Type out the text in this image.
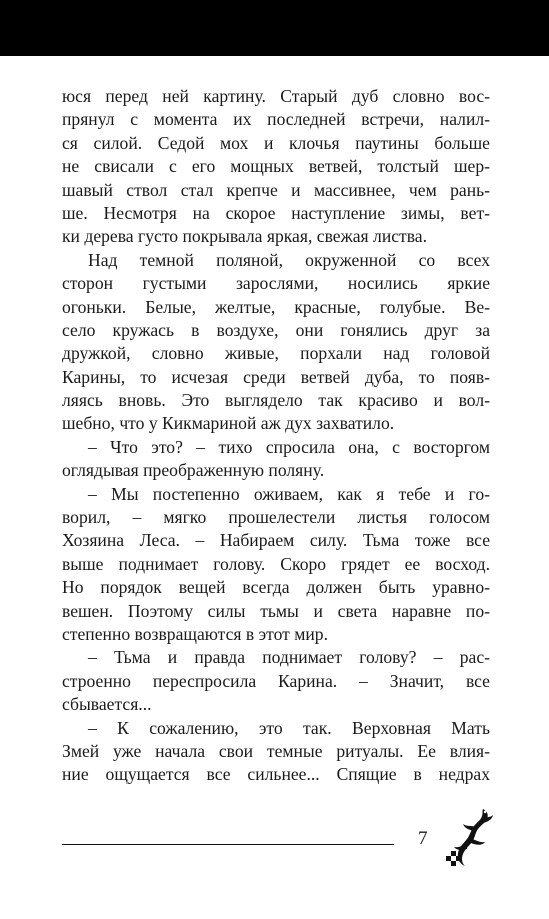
юся перед ней картину. Старый дуб словно вос-
прянул с момента их последней встречи, налил-
ся силой. Седой мох и клочья паутины больше
не свисали с его мощных ветвей, толстый шер-
шавый ствол стал крепче и массивнее, чем рань-
ше. Несмотря на скорое наступление зимы, вет-
ки дерева густо покрывала яркая, свежая листва.
Над темной поляной, окруженной со всех
сторон густыми зарослями, носились яркие
огоньки. Белые, желтые, красные, голубые. Ве-
село кружась в воздухе, они гонялись друг за
дружкой, словно живые, порхали над головой
Карины, то исчезая среди ветвей дуба, то появ-
ляясь вновь. Это выглядело так красиво и вол-
шебно, что у Кикмариной аж дух захватило.
– Что это? – тихо спросила она, с восторгом
оглядывая преображенную поляну.
– Мы постепенно оживаем, как я тебе и го-
ворил, – мягко прошелестели листья голосом
Хозяина Леса. – Набираем силу. Тьма тоже все
выше поднимает голову. Скоро грядет ее восход.
Но порядок вещей всегда должен быть уравно-
вешен. Поэтому силы тьмы и света наравне по-
степенно возвращаются в этот мир.
– Тьма и правда поднимает голову? – рас-
строенно переспросила Карина. – Значит, все
сбывается...
– К сожалению, это так. Верховная Мать
Змей уже начала свои темные ритуалы. Ее влия-
ние ощущается все сильнее... Спящие в недрах
7
